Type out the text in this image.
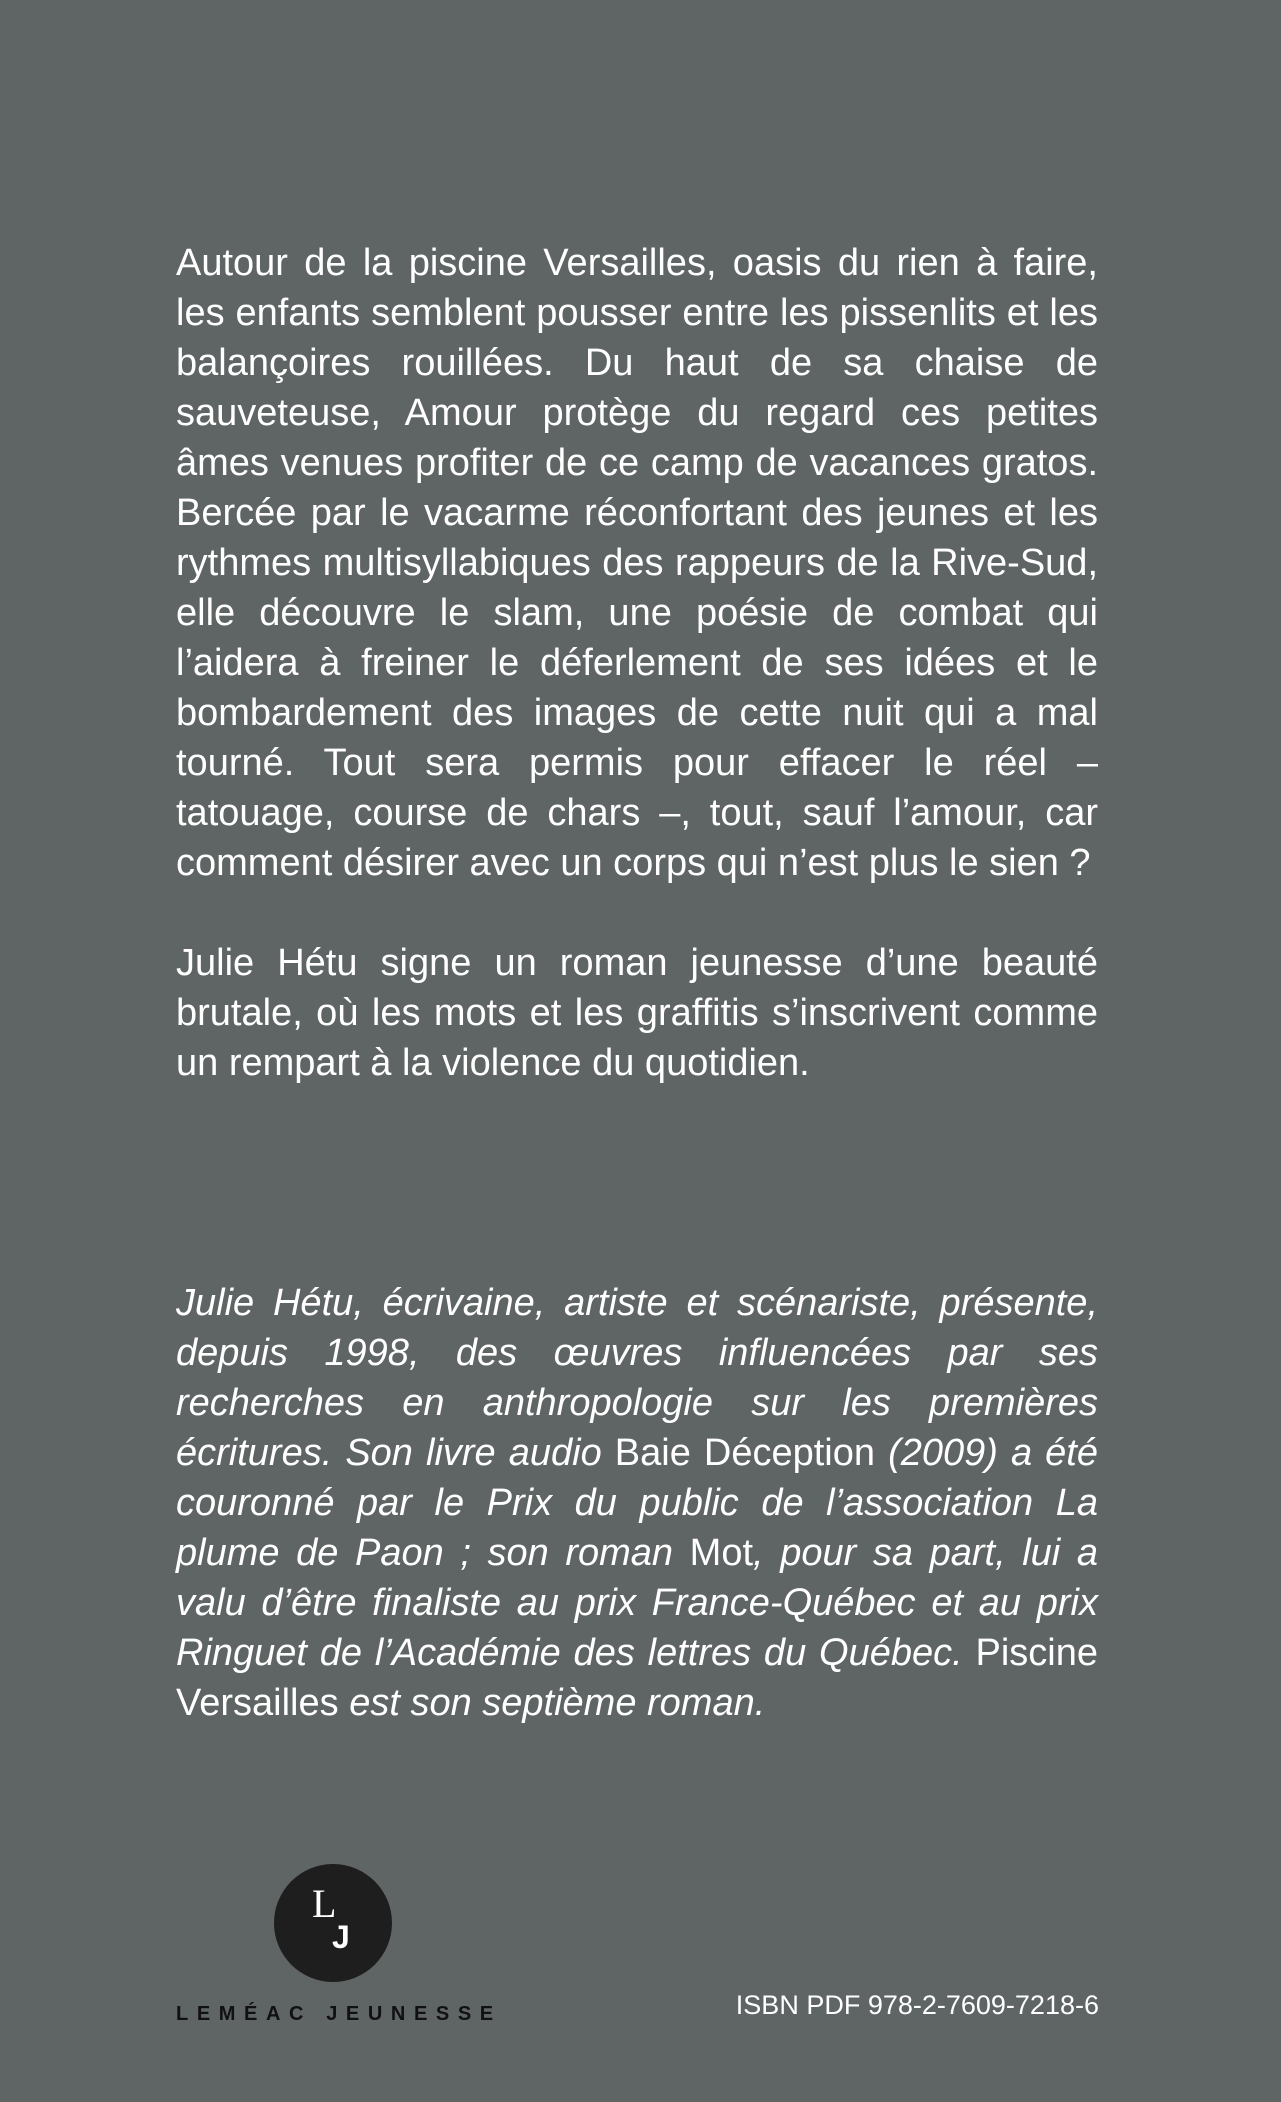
Autour de la piscine Versailles, oasis du rien à faire, les enfants semblent pousser entre les pissenlits et les balançoires rouillées. Du haut de sa chaise de sauveteuse, Amour protège du regard ces petites âmes venues profiter de ce camp de vacances gratos. Bercée par le vacarme réconfortant des jeunes et les rythmes multisyllabiques des rappeurs de la Rive-Sud, elle découvre le slam, une poésie de combat qui l’aidera à freiner le déferlement de ses idées et le bombardement des images de cette nuit qui a mal tourné. Tout sera permis pour effacer le réel – tatouage, course de chars –, tout, sauf l’amour, car comment désirer avec un corps qui n’est plus le sien ?

Julie Hétu signe un roman jeunesse d’une beauté brutale, où les mots et les graffitis s’inscrivent comme un rempart à la violence du quotidien.

Julie Hétu, écrivaine, artiste et scénariste, présente, depuis 1998, des œuvres influencées par ses recherches en anthropologie sur les premières écritures. Son livre audio Baie Déception (2009) a été couronné par le Prix du public de l’association La plume de Paon ; son roman Mot, pour sa part, lui a valu d’être finaliste au prix France-Québec et au prix Ringuet de l’Académie des lettres du Québec. Piscine Versailles est son septième roman.

L
J
LEMÉAC JEUNESSE	ISBN PDF 978-2-7609-7218-6
